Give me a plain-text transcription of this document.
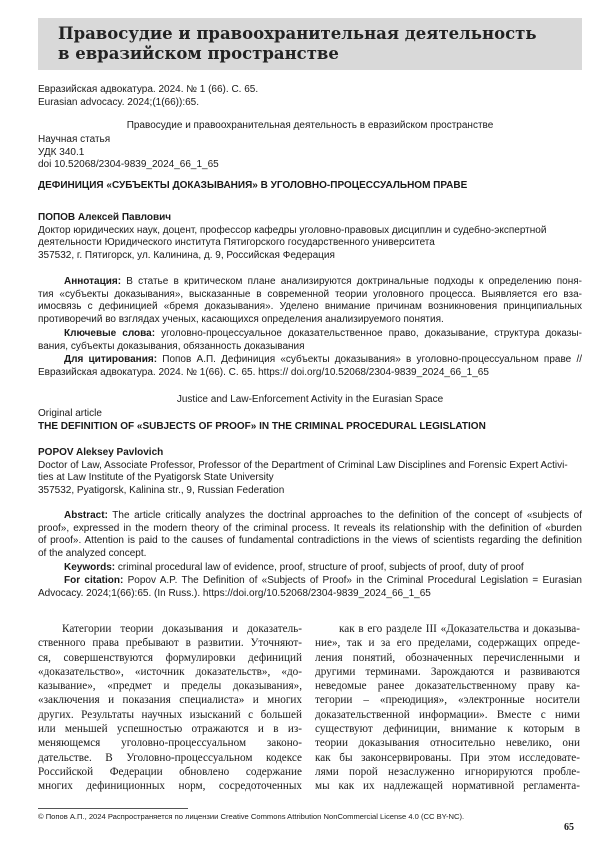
Правосудие и правоохранительная деятельность
в евразийском пространстве
Евразийская адвокатура. 2024. № 1 (66). С. 65.
Eurasian advocacy. 2024;(1(66)):65.
Правосудие и правоохранительная деятельность в евразийском пространстве
Научная статья
УДК 340.1
doi 10.52068/2304-9839_2024_66_1_65
ДЕФИНИЦИЯ «СУБЪЕКТЫ ДОКАЗЫВАНИЯ» В УГОЛОВНО-ПРОЦЕССУАЛЬНОМ ПРАВЕ
ПОПОВ Алексей Павлович
Доктор юридических наук, доцент, профессор кафедры уголовно-правовых дисциплин и судебно-экспертной
деятельности Юридического института Пятигорского государственного университета
357532, г. Пятигорск, ул. Калинина, д. 9, Российская Федерация
Аннотация: В статье в критическом плане анализируются доктринальные подходы к определению поня-
тия «субъекты доказывания», высказанные в современной теории уголовного процесса. Выявляется его вза-
имосвязь с дефиницией «бремя доказывания». Уделено внимание причинам возникновения принципиальных
противоречий во взглядах ученых, касающихся определения анализируемого понятия.
Ключевые слова: уголовно-процессуальное доказательственное право, доказывание, структура доказы-
вания, субъекты доказывания, обязанность доказывания
Для цитирования: Попов А.П. Дефиниция «субъекты доказывания» в уголовно-процессуальном праве //
Евразийская адвокатура. 2024. № 1(66). С. 65. https:// doi.org/10.52068/2304-9839_2024_66_1_65
Justice and Law-Enforcement Activity in the Eurasian Space
Original article
THE DEFINITION OF «SUBJECTS OF PROOF» IN THE CRIMINAL PROCEDURAL LEGISLATION
POPOV Aleksey Pavlovich
Doctor of Law, Associate Professor, Professor of the Department of Criminal Law Disciplines and Forensic Expert Activi-
ties at Law Institute of the Pyatigorsk State University
357532, Pyatigorsk, Kalinina str., 9, Russian Federation
Abstract: The article critically analyzes the doctrinal approaches to the definition of the concept of «subjects of
proof», expressed in the modern theory of the criminal process. It reveals its relationship with the definition of «burden
of proof». Attention is paid to the causes of fundamental contradictions in the views of scientists regarding the definition
of the analyzed concept.
Keywords: criminal procedural law of evidence, proof, structure of proof, subjects of proof, duty of proof
For citation: Popov A.P. The Definition of «Subjects of Proof» in the Criminal Procedural Legislation = Eurasian
Advocacy. 2024;1(66):65. (In Russ.). https://doi.org/10.52068/2304-9839_2024_66_1_65
Категории теории доказывания и доказатель-
ственного права пребывают в развитии. Уточняют-
ся, совершенствуются формулировки дефиниций
«доказательство», «источник доказательств», «до-
казывание», «предмет и пределы доказывания»,
«заключения и показания специалиста» и многих
других. Результаты научных изысканий с большей
или меньшей успешностью отражаются и в из-
меняющемся уголовно-процессуальном законо-
дательстве. В Уголовно-процессуальном кодексе
Российской Федерации обновлено содержание
многих дефиниционных норм, сосредоточенных
как в его разделе III «Доказательства и доказыва-
ние», так и за его пределами, содержащих опреде-
ления понятий, обозначенных перечисленными и
другими терминами. Зарождаются и развиваются
неведомые ранее доказательственному праву ка-
тегории – «преюдиция», «электронные носители
доказательственной информации». Вместе с ними
существуют дефиниции, внимание к которым в
теории доказывания относительно невелико, они
как бы законсервированы. При этом исследовате-
лями порой незаслуженно игнорируются пробле-
мы как их надлежащей нормативной регламента-
© Попов А.П., 2024 Распространяется по лицензии Creative Commons Attribution NonCommercial License 4.0 (CC BY-NC).
65
